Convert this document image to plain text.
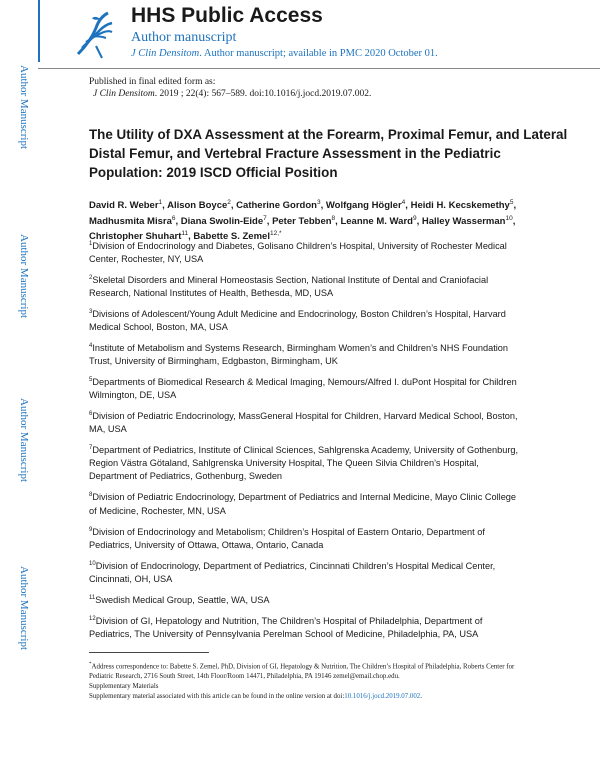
Author Manuscript
Author Manuscript
Author Manuscript
Author Manuscript
HHS Public Access
Author manuscript
J Clin Densitom. Author manuscript; available in PMC 2020 October 01.
Published in final edited form as:
J Clin Densitom. 2019 ; 22(4): 567–589. doi:10.1016/j.jocd.2019.07.002.
The Utility of DXA Assessment at the Forearm, Proximal Femur, and Lateral Distal Femur, and Vertebral Fracture Assessment in the Pediatric Population: 2019 ISCD Official Position
David R. Weber$^1$, Alison Boyce$^2$, Catherine Gordon$^3$, Wolfgang Högler$^4$, Heidi H. Kecskemethy$^5$, Madhusmita Misra$^6$, Diana Swolin-Eide$^7$, Peter Tebben$^8$, Leanne M. Ward$^9$, Halley Wasserman$^{10}$, Christopher Shuhart$^{11}$, Babette S. Zemel$^{12,*}$
$^1$Division of Endocrinology and Diabetes, Golisano Children’s Hospital, University of Rochester Medical Center, Rochester, NY, USA
$^2$Skeletal Disorders and Mineral Homeostasis Section, National Institute of Dental and Craniofacial Research, National Institutes of Health, Bethesda, MD, USA
$^3$Divisions of Adolescent/Young Adult Medicine and Endocrinology, Boston Children’s Hospital, Harvard Medical School, Boston, MA, USA
$^4$Institute of Metabolism and Systems Research, Birmingham Women’s and Children’s NHS Foundation Trust, University of Birmingham, Edgbaston, Birmingham, UK
$^5$Departments of Biomedical Research & Medical Imaging, Nemours/Alfred I. duPont Hospital for Children Wilmington, DE, USA
$^6$Division of Pediatric Endocrinology, MassGeneral Hospital for Children, Harvard Medical School, Boston, MA, USA
$^7$Department of Pediatrics, Institute of Clinical Sciences, Sahlgrenska Academy, University of Gothenburg, Region Västra Götaland, Sahlgrenska University Hospital, The Queen Silvia Children’s Hospital, Department of Pediatrics, Gothenburg, Sweden
$^8$Division of Pediatric Endocrinology, Department of Pediatrics and Internal Medicine, Mayo Clinic College of Medicine, Rochester, MN, USA
$^9$Division of Endocrinology and Metabolism; Children’s Hospital of Eastern Ontario, Department of Pediatrics, University of Ottawa, Ottawa, Ontario, Canada
$^{10}$Division of Endocrinology, Department of Pediatrics, Cincinnati Children’s Hospital Medical Center, Cincinnati, OH, USA
$^{11}$Swedish Medical Group, Seattle, WA, USA
$^{12}$Division of GI, Hepatology and Nutrition, The Children’s Hospital of Philadelphia, Department of Pediatrics, The University of Pennsylvania Perelman School of Medicine, Philadelphia, PA, USA
*Address correspondence to: Babette S. Zemel, PhD, Division of GI, Hepatology & Nutrition, The Children’s Hospital of Philadelphia, Roberts Center for Pediatric Research, 2716 South Street, 14th Floor/Room 14471, Philadelphia, PA 19146 zemel@email.chop.edu.
Supplementary Materials
Supplementary material associated with this article can be found in the online version at doi:10.1016/j.jocd.2019.07.002.
